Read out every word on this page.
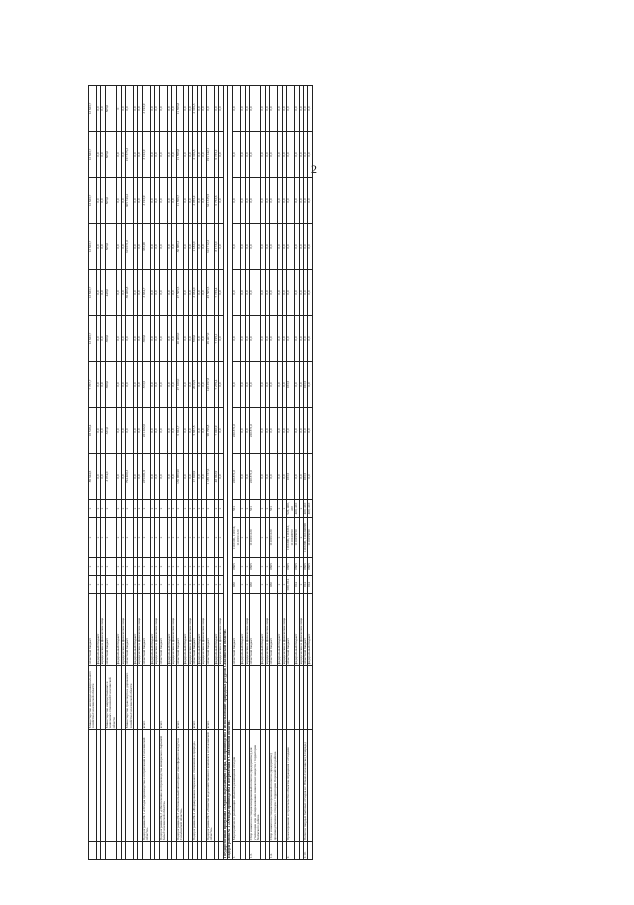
2
		Министерство жилищно-коммунального хозяйства Сахалинской области	областной бюджет	x	x	x	x	89 344,6	18 518,4	7 707,7	12 623,7	12 623,7	12 623,7	12 623,7	12 623,7	12 623,7
			федеральный бюджет	x	x	x	x	0,0	0,0	0,0	0,0	0,0	0,0	0,0	0,0	0,0
			юридические и физические лица	x	x	x	x	0,0	0,0	0,0	0,0	0,0	0,0	0,0	0,0	0,0
		Министерство имущественных и земельных отношений Сахалинской области	областной бюджет	x	x	x	x	3 074,0	331,0	390,0	390,0	448,0	505,0	505,0	505,0	505,0
			федеральный бюджет	x	x	x	x	0,0	0,0	0,0	0,0	0,0	0,0	0,0	0,0	0
			юридические и физические лица	x	x	x	x	0,0	0,0	0,0	0,0	0,0	0,0	0,0	0,0	0,0
		Министерство транспорта и дорожного хозяйства Сахалинской области	областной бюджет	x	x	x	x	794 400,3	0,0	0,0	0,0	39 400,8	315 071,0	305 743,2	157 575,3	0,0
			федеральный бюджет	x	x	x	x	0,0	0,0	0,0	0,0	0,0	0,0	0,0	0,0	0,0
			юридические и физические лица	x	x	x	x	0,0	0,0	0,0	0,0	0,0	0,0	0,0	0,0	0,0
	Подпрограмма № 1 «Отходы производства и потребления в Сахалинской области»	всего	областной бюджет	x	x	x	x	235 081,9	221 202,0	373,5	390,0	3 834,7	333,90	3 193,9	3 193,9	3 193,9
			федеральный бюджет	x	x	x	x	0,0	0,0	0,0	0,0	0,0	0,0	0,0	0,0	0,0
			юридические и физические лица	x	x	x	x	0,0	0,0	0,0	0,0	0,0	0,0	0,0	0,0	0,0
	Подпрограмма № 2 «Обеспечение воспроизводства минерально-сырьевой базы Сахалинской области»	всего	областной бюджет	x	x	x	x	0,0	0,0	0,0	0,0	0,0	0,0	0,0	0,0	0,0
			федеральный бюджет	x	x	x	x	0,0	0,0	0,0	0,0	0,0	0,0	0,0	0,0	0,0
			юридические и физические лица	x	x	x	x	0,0	0,0	0,0	0,0	0,0	0,0	0,0	0,0	0,0
	Подпрограмма № 3 «Региональный мониторинг атмосферного воздуха в Сахалинской области»	всего	областной бюджет	x	x	x	x	136 989,90	6 822,7	27 100,0	20 400,0	27 505,5	30 886,2	11 596,7	11 596,8	11 596,8
			федеральный бюджет	x	x	x	x	0,0	0,0	0,0	0,0	0,0	0,0	0,0	0,0	0,0
			юридические и физические лица	x	x	x	x	0,0	0,0	0,0	0,0	0,0	0,0	0,0	0,0	0,0
	Подпрограмма № 4 «Формирование бережного отношения к природе»	всего	областной бюджет	x	x	x	x	17 818,9	5 667,5	2013,9	550,0	3 034,0	1 182,0	2 055,2	2 316,3	2 316,3
			федеральный бюджет	x	x	x	x	0,0	0,0	0,0	0,0	0,0	0,0	0,0	0,0	0,0
			юридические и физические лица	x	x	x	x	0,0	0,0	0,0	0,0	0,0	0,0	0,0	0,0	0,0
	Подпрограмма № 5 «Развитие водохозяйственного комплекса в Сахалинской области»	всего	областной бюджет	x	x	x	x	1 185 737,6	98 796,8	149 297,8	26 407,0	45 505,5	313 712,2	341 335,5	191 142,1	0,0
			федеральный бюджет	x	x	x	x	48 352,9	7 020,9	7 279,4	7 195,1	7 735,4	8 173,0	6 753,6	6 735,2	0,0
			юридические и физические лица	x	x	x	x	0,0	0,0	0,0	0,0	0,0	0,0	0,0	0,0	0,0
Государственная программа «Охрана окружающей среды, воспроизводство и использование природных ресурсов Сахалинской области»																
Подпрограмма № 1 «Отходы производства и потребления в Сахалинской области»																
1.	Мероприятия по реализации объектов размещения отходов		областной бюджет	030	0605	1110100, 111612, 1110161120	521	220 871,0	220 871,0	0,0	0,0	0,0	0,0	0,0	0,0	0,0
			федеральный бюджет	x	x	x	x	0,0	0,0	0,0	0,0	0,0	0,0	0,0	0,0	0,0
			юридические и физические лица	x	x	x	x	0,0	0,0	0,0	0,0	0,0	0,0	0,0	0,0	0,0
1.3.	Сбор и вывоз на специализированный полигон (предприятие) для утилизации или обезвреживания химических веществ с территории Холмского района		областной бюджет	030	0605	1110161120	521	220 871,0	220 871,0	0,0	0,0	0,0	0,0	0,0	0,0	0,0
			федеральный бюджет	x	x	x	x	0,0	0,0	0,0	0,0	0,0	0,0	0,0	0,0	0,0
			юридические и физические лица	x	x	x	x	0,0	0,0	0,0	0,0	0,0	0,0	0,0	0,0	0,0
1.4.	Сбор и вывоз на специализированный полигон (предприятие) производственных отходов с территории Поронайского района		областной бюджет	030	0605	1110161120	521	0,0	0,0	0,0	0,0	0,0	0,0	0,0	0,0	0,0
			федеральный бюджет	x	x	x	x	0,0	0,0	0,0	0,0	0,0	0,0	0,0	0,0	0,0
			юридические и физические лица	x	x	x	x	0,0	0,0	0,0	0,0	0,0	0,0	0,0	0,0	0,0
2.	Проектирование и строительство объектов обращения с отходами		областной бюджет	030, 014	0605	1110200, 1116312, 1110240090	522, 400, 410	183,5	0,0	183,5	0,0	0,0	0,0	0,0	0,0	0,0
			федеральный бюджет	014	0605	1110255050	400, 410	0,0	0,0	0,0	0,0	0,0	0,0	0,0	0,0	0,0
			юридические и физические лица	x	x	x	x	0,0	0,0	0,0	0,0	0,0	0,0	0,0	0,0	0,0
2.10.	Полигон твердых бытовых отходов в г. Южно-Сахалинске (I очередь)		областной бюджет	014	0605	1110200, 1110240090	400, 410	183,5	0,0	183,5	0,0	0,0	0,0	0,0	0,0	0,0
			федеральный бюджет	014	0605	1110255050	400, 410	0,0	0,0	0,0	0,0	0,0	0,0	0,0	0,0	0,0
